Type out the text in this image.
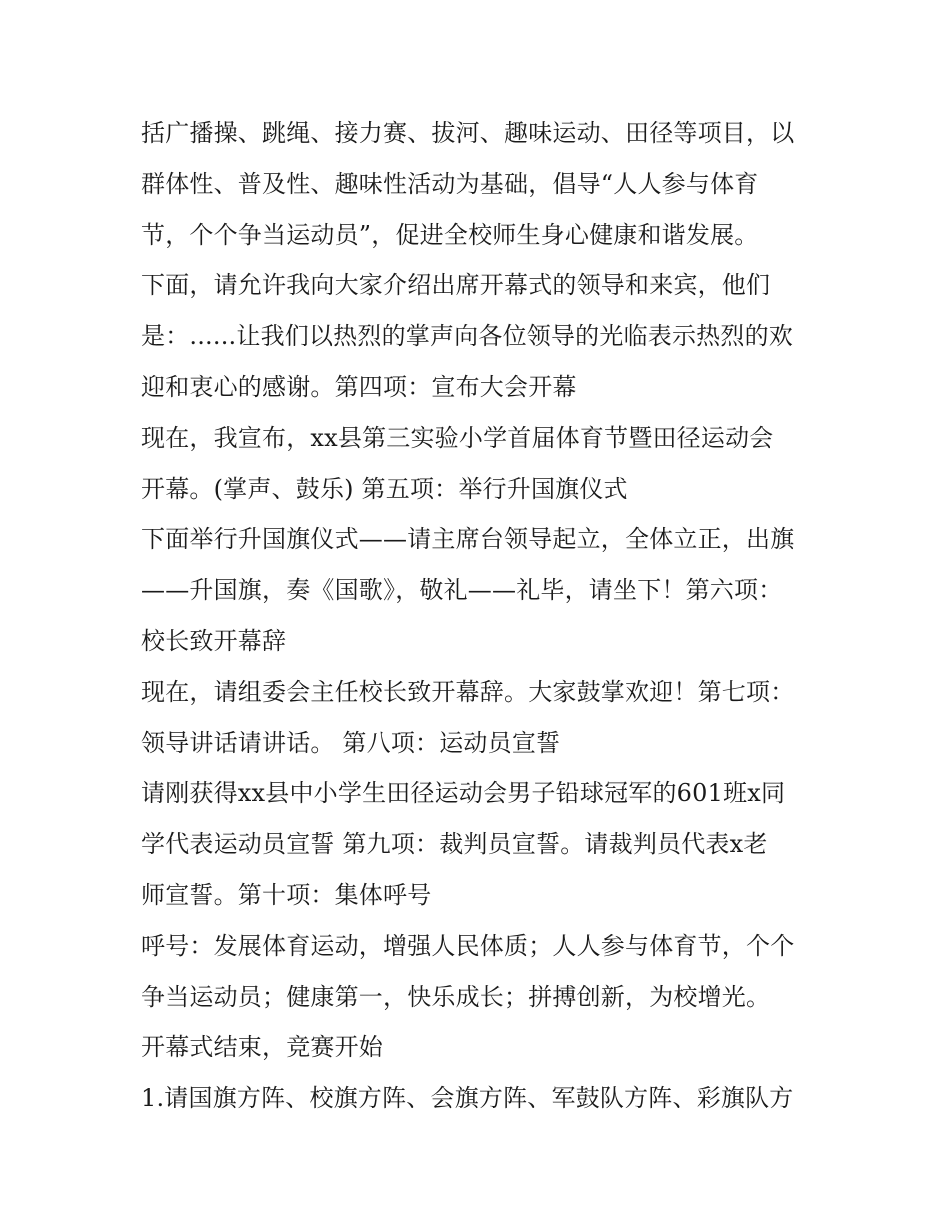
括广播操、跳绳、接力赛、拔河、趣味运动、田径等项目，以
群体性、普及性、趣味性活动为基础，倡导“人人参与体育
节，个个争当运动员”，促进全校师生身心健康和谐发展。
下面，请允许我向大家介绍出席开幕式的领导和来宾，他们
是：......让我们以热烈的掌声向各位领导的光临表示热烈的欢
迎和衷心的感谢。第四项：宣布大会开幕
现在，我宣布，xx县第三实验小学首届体育节暨田径运动会
开幕。(掌声、鼓乐) 第五项：举行升国旗仪式
下面举行升国旗仪式——请主席台领导起立，全体立正，出旗
——升国旗，奏《国歌》，敬礼——礼毕，请坐下！第六项：
校长致开幕辞
现在，请组委会主任校长致开幕辞。大家鼓掌欢迎！第七项：
领导讲话请讲话。 第八项：运动员宣誓
请刚获得xx县中小学生田径运动会男子铅球冠军的601班x同
学代表运动员宣誓 第九项：裁判员宣誓。请裁判员代表x老
师宣誓。第十项：集体呼号
呼号：发展体育运动，增强人民体质；人人参与体育节，个个
争当运动员；健康第一，快乐成长；拼搏创新，为校增光。
开幕式结束，竞赛开始
1.请国旗方阵、校旗方阵、会旗方阵、军鼓队方阵、彩旗队方
